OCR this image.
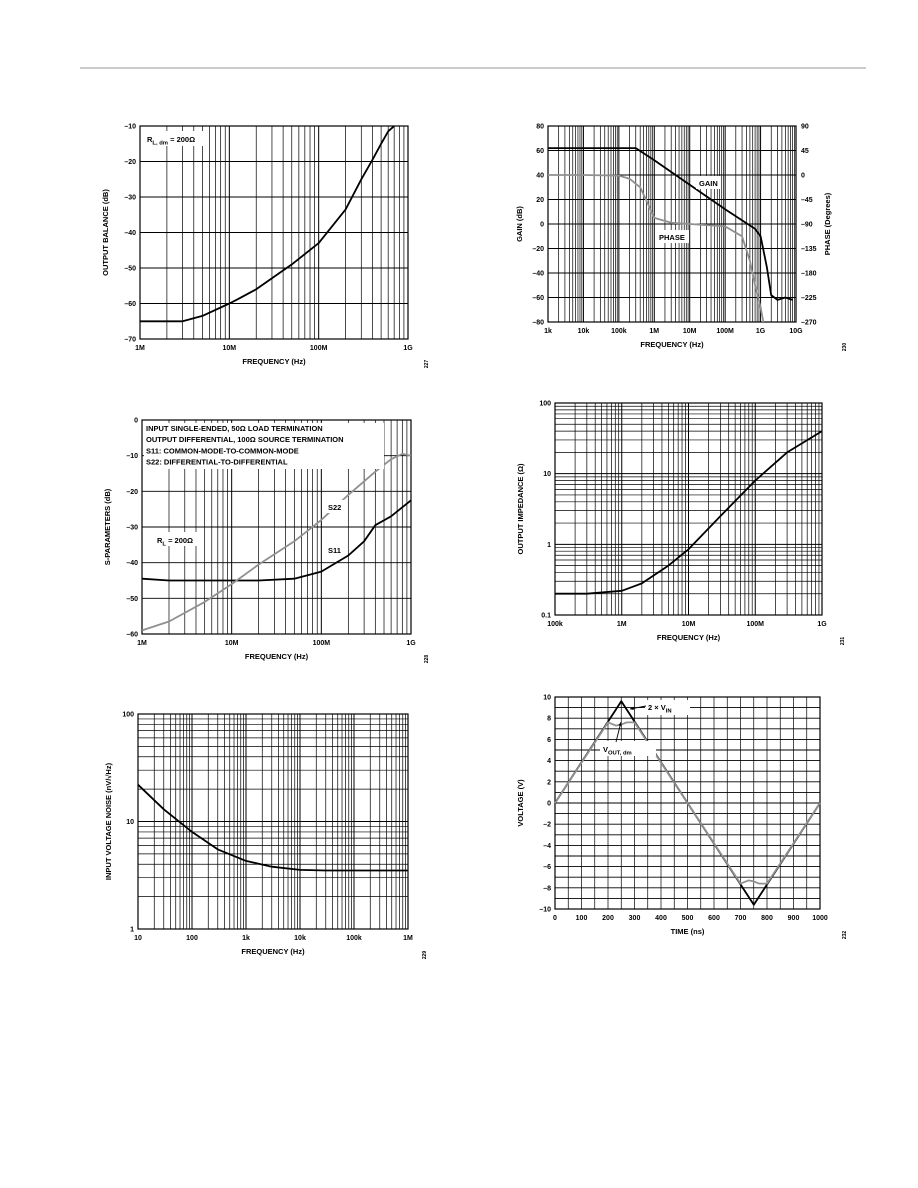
1M	10M	100M	1G
–70
–60
–50
–40
–30
–20
–10
FREQUENCY (Hz)
OUTPUT BALANCE (dB)
$R_{L, dm} = 200\Omega$
227
1k	10k	100k	1M	10M	100M	1G	10G
–80
–60
–40
–20
0
20
40
60
80
–270
–225
–180
–135
–90
–45
0
45
90
FREQUENCY (Hz)
GAIN (dB)	PHASE (Degrees)
GAIN
PHASE
230
1M	10M	100M	1G
–60
–50
–40
–30
–20
–10
0
FREQUENCY (Hz)
S-PARAMETERS (dB)
INPUT SINGLE-ENDED, 50Ω LOAD TERMINATION
OUTPUT DIFFERENTIAL, 100Ω SOURCE TERMINATION
S11: COMMON-MODE-TO-COMMON-MODE
S22: DIFFERENTIAL-TO-DIFFERENTIAL
S22
S11
$R_L = 200\Omega$
228
100k	1M	10M	100M	1G
0.1
1
10
100
FREQUENCY (Hz)
OUTPUT IMPEDANCE (Ω)
231
10	100	1k	10k	100k	1M
1
10
100
FREQUENCY (Hz)
INPUT VOLTAGE NOISE (nV/√Hz)
229
0	100 200 300 400 500 600 700 800 900 1000
–10
–8
–6
–4
–2
0
2
4
6
8
10
TIME (ns)
VOLTAGE (V)
$2 \times V_{IN}$
$V_{OUT, dm}$
232
